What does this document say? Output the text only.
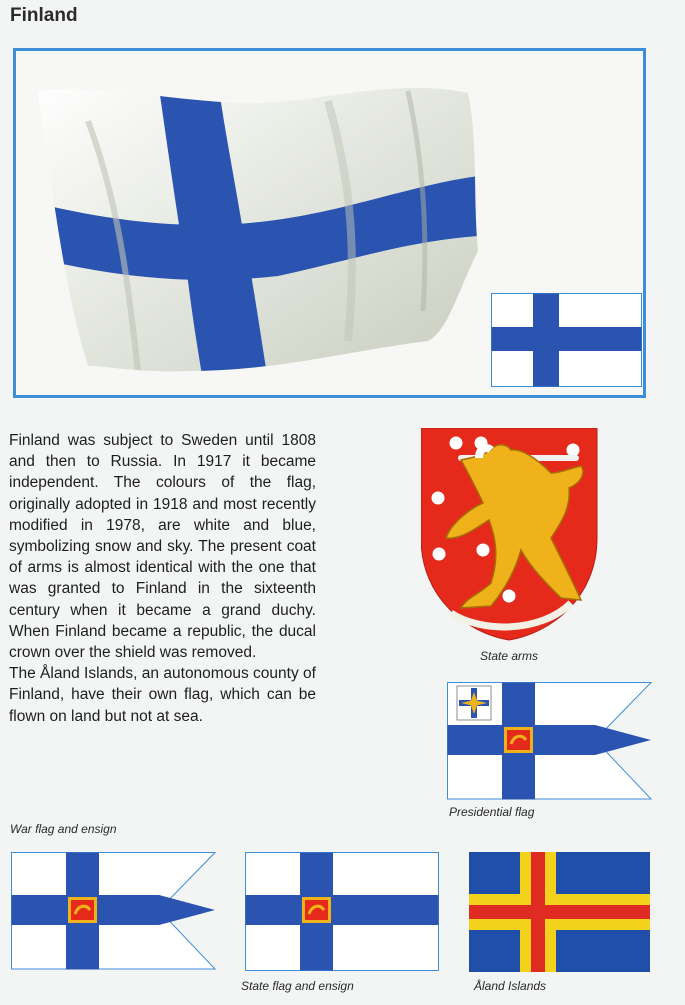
Finland

Finland was subject to Sweden until 1808 and then to Russia. In 1917 it became independent. The colours of the flag, originally adopted in 1918 and most recently modified in 1978, are white and blue, symbolizing snow and sky. The present coat of arms is almost identical with the one that was granted to Finland in the sixteenth century when it became a grand duchy. When Finland became a republic, the ducal crown over the shield was removed.

The Åland Islands, an autonomous county of Finland, have their own flag, which can be flown on land but not at sea.

State arms
Presidential flag
War flag and ensign
State flag and ensign	Åland Islands
